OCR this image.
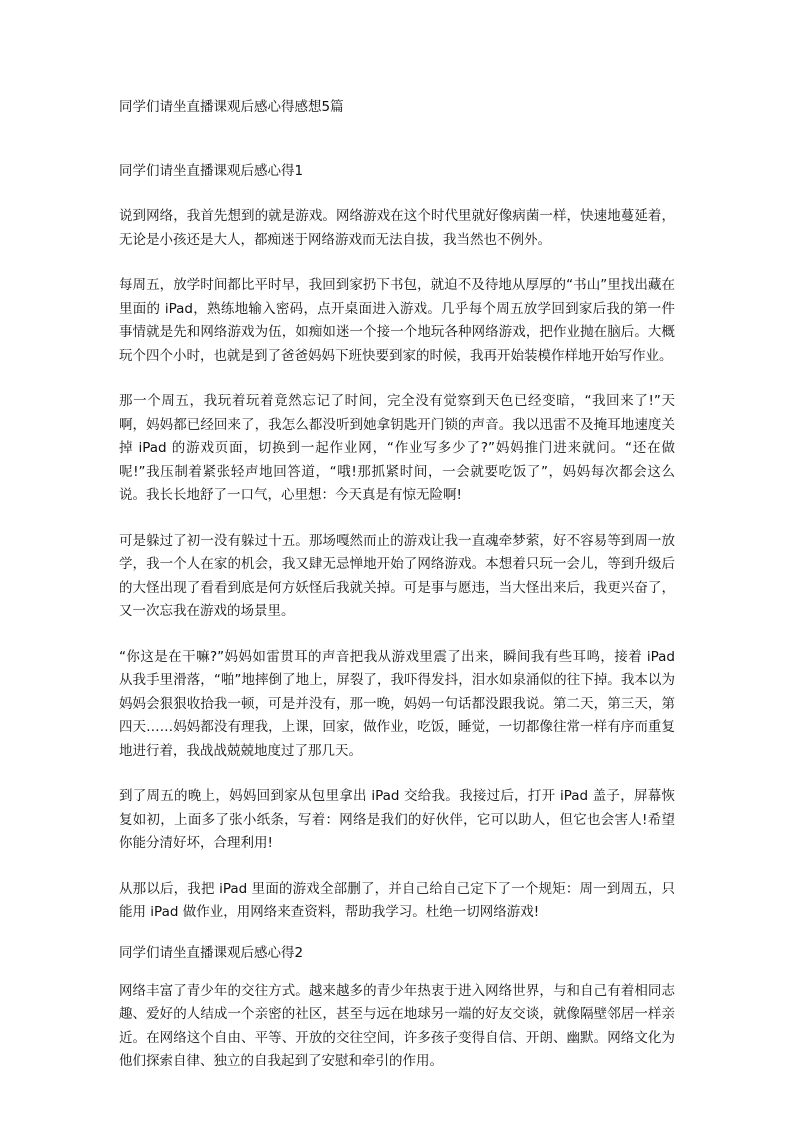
同学们请坐直播课观后感心得感想5篇
同学们请坐直播课观后感心得1

说到网络，我首先想到的就是游戏。网络游戏在这个时代里就好像病菌一样，快速地蔓延着，无论是小孩还是大人，都痴迷于网络游戏而无法自拔，我当然也不例外。

每周五，放学时间都比平时早，我回到家扔下书包，就迫不及待地从厚厚的“书山”里找出藏在里面的 iPad，熟练地输入密码，点开桌面进入游戏。几乎每个周五放学回到家后我的第一件事情就是先和网络游戏为伍，如痴如迷一个接一个地玩各种网络游戏，把作业抛在脑后。大概玩个四个小时，也就是到了爸爸妈妈下班快要到家的时候，我再开始装模作样地开始写作业。

那一个周五，我玩着玩着竟然忘记了时间，完全没有觉察到天色已经变暗，“我回来了!”天啊，妈妈都已经回来了，我怎么都没听到她拿钥匙开门锁的声音。我以迅雷不及掩耳地速度关掉 iPad 的游戏页面，切换到一起作业网，“作业写多少了?”妈妈推门进来就问。“还在做呢!”我压制着紧张轻声地回答道，“哦!那抓紧时间，一会就要吃饭了”，妈妈每次都会这么说。我长长地舒了一口气，心里想：今天真是有惊无险啊!

可是躲过了初一没有躲过十五。那场嘎然而止的游戏让我一直魂牵梦萦，好不容易等到周一放学，我一个人在家的机会，我又肆无忌惮地开始了网络游戏。本想着只玩一会儿，等到升级后的大怪出现了看看到底是何方妖怪后我就关掉。可是事与愿违，当大怪出来后，我更兴奋了，又一次忘我在游戏的场景里。

“你这是在干嘛?”妈妈如雷贯耳的声音把我从游戏里震了出来，瞬间我有些耳鸣，接着 iPad 从我手里滑落，“啪”地摔倒了地上，屏裂了，我吓得发抖，泪水如泉涌似的往下掉。我本以为妈妈会狠狠收拾我一顿，可是并没有，那一晚，妈妈一句话都没跟我说。第二天，第三天，第四天……妈妈都没有理我，上课，回家，做作业，吃饭，睡觉，一切都像往常一样有序而重复地进行着，我战战兢兢地度过了那几天。

到了周五的晚上，妈妈回到家从包里拿出 iPad 交给我。我接过后，打开 iPad 盖子，屏幕恢复如初，上面多了张小纸条，写着：网络是我们的好伙伴，它可以助人，但它也会害人!希望你能分清好坏，合理利用!

从那以后，我把 iPad 里面的游戏全部删了，并自己给自己定下了一个规矩：周一到周五，只能用 iPad 做作业，用网络来查资料，帮助我学习。杜绝一切网络游戏!

同学们请坐直播课观后感心得2

网络丰富了青少年的交往方式。越来越多的青少年热衷于进入网络世界，与和自己有着相同志趣、爱好的人结成一个亲密的社区，甚至与远在地球另一端的好友交谈，就像隔壁邻居一样亲近。在网络这个自由、平等、开放的交往空间，许多孩子变得自信、开朗、幽默。网络文化为他们探索自律、独立的自我起到了安慰和牵引的作用。
